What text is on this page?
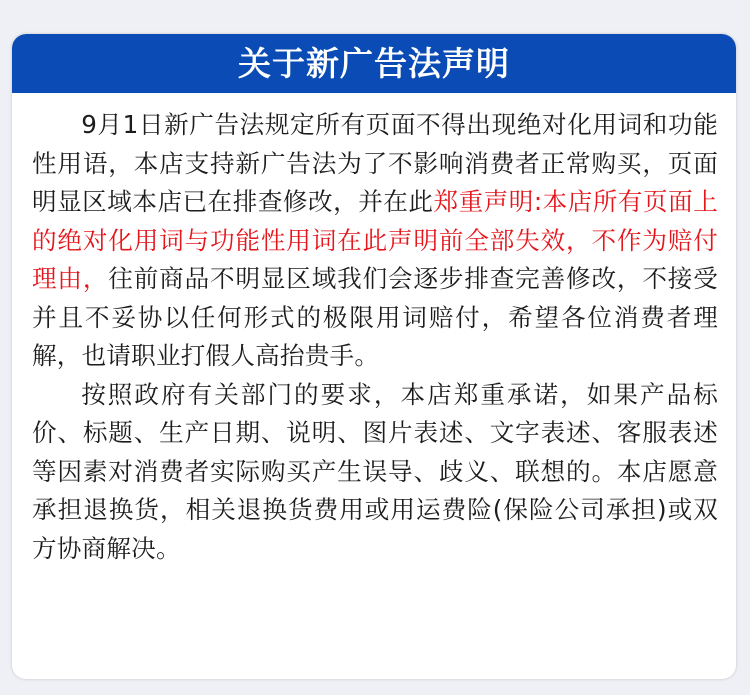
关于新广告法声明

9月1日新广告法规定所有页面不得出现绝对化用词和功能性用语，本店支持新广告法为了不影响消费者正常购买，页面明显区域本店已在排查修改，并在此郑重声明:本店所有页面上的绝对化用词与功能性用词在此声明前全部失效，不作为赔付理由，往前商品不明显区域我们会逐步排查完善修改，不接受并且不妥协以任何形式的极限用词赔付，希望各位消费者理解，也请职业打假人高抬贵手。

按照政府有关部门的要求，本店郑重承诺，如果产品标价、标题、生产日期、说明、图片表述、文字表述、客服表述等因素对消费者实际购买产生误导、歧义、联想的。本店愿意承担退换货，相关退换货费用或用运费险(保险公司承担)或双方协商解决。
